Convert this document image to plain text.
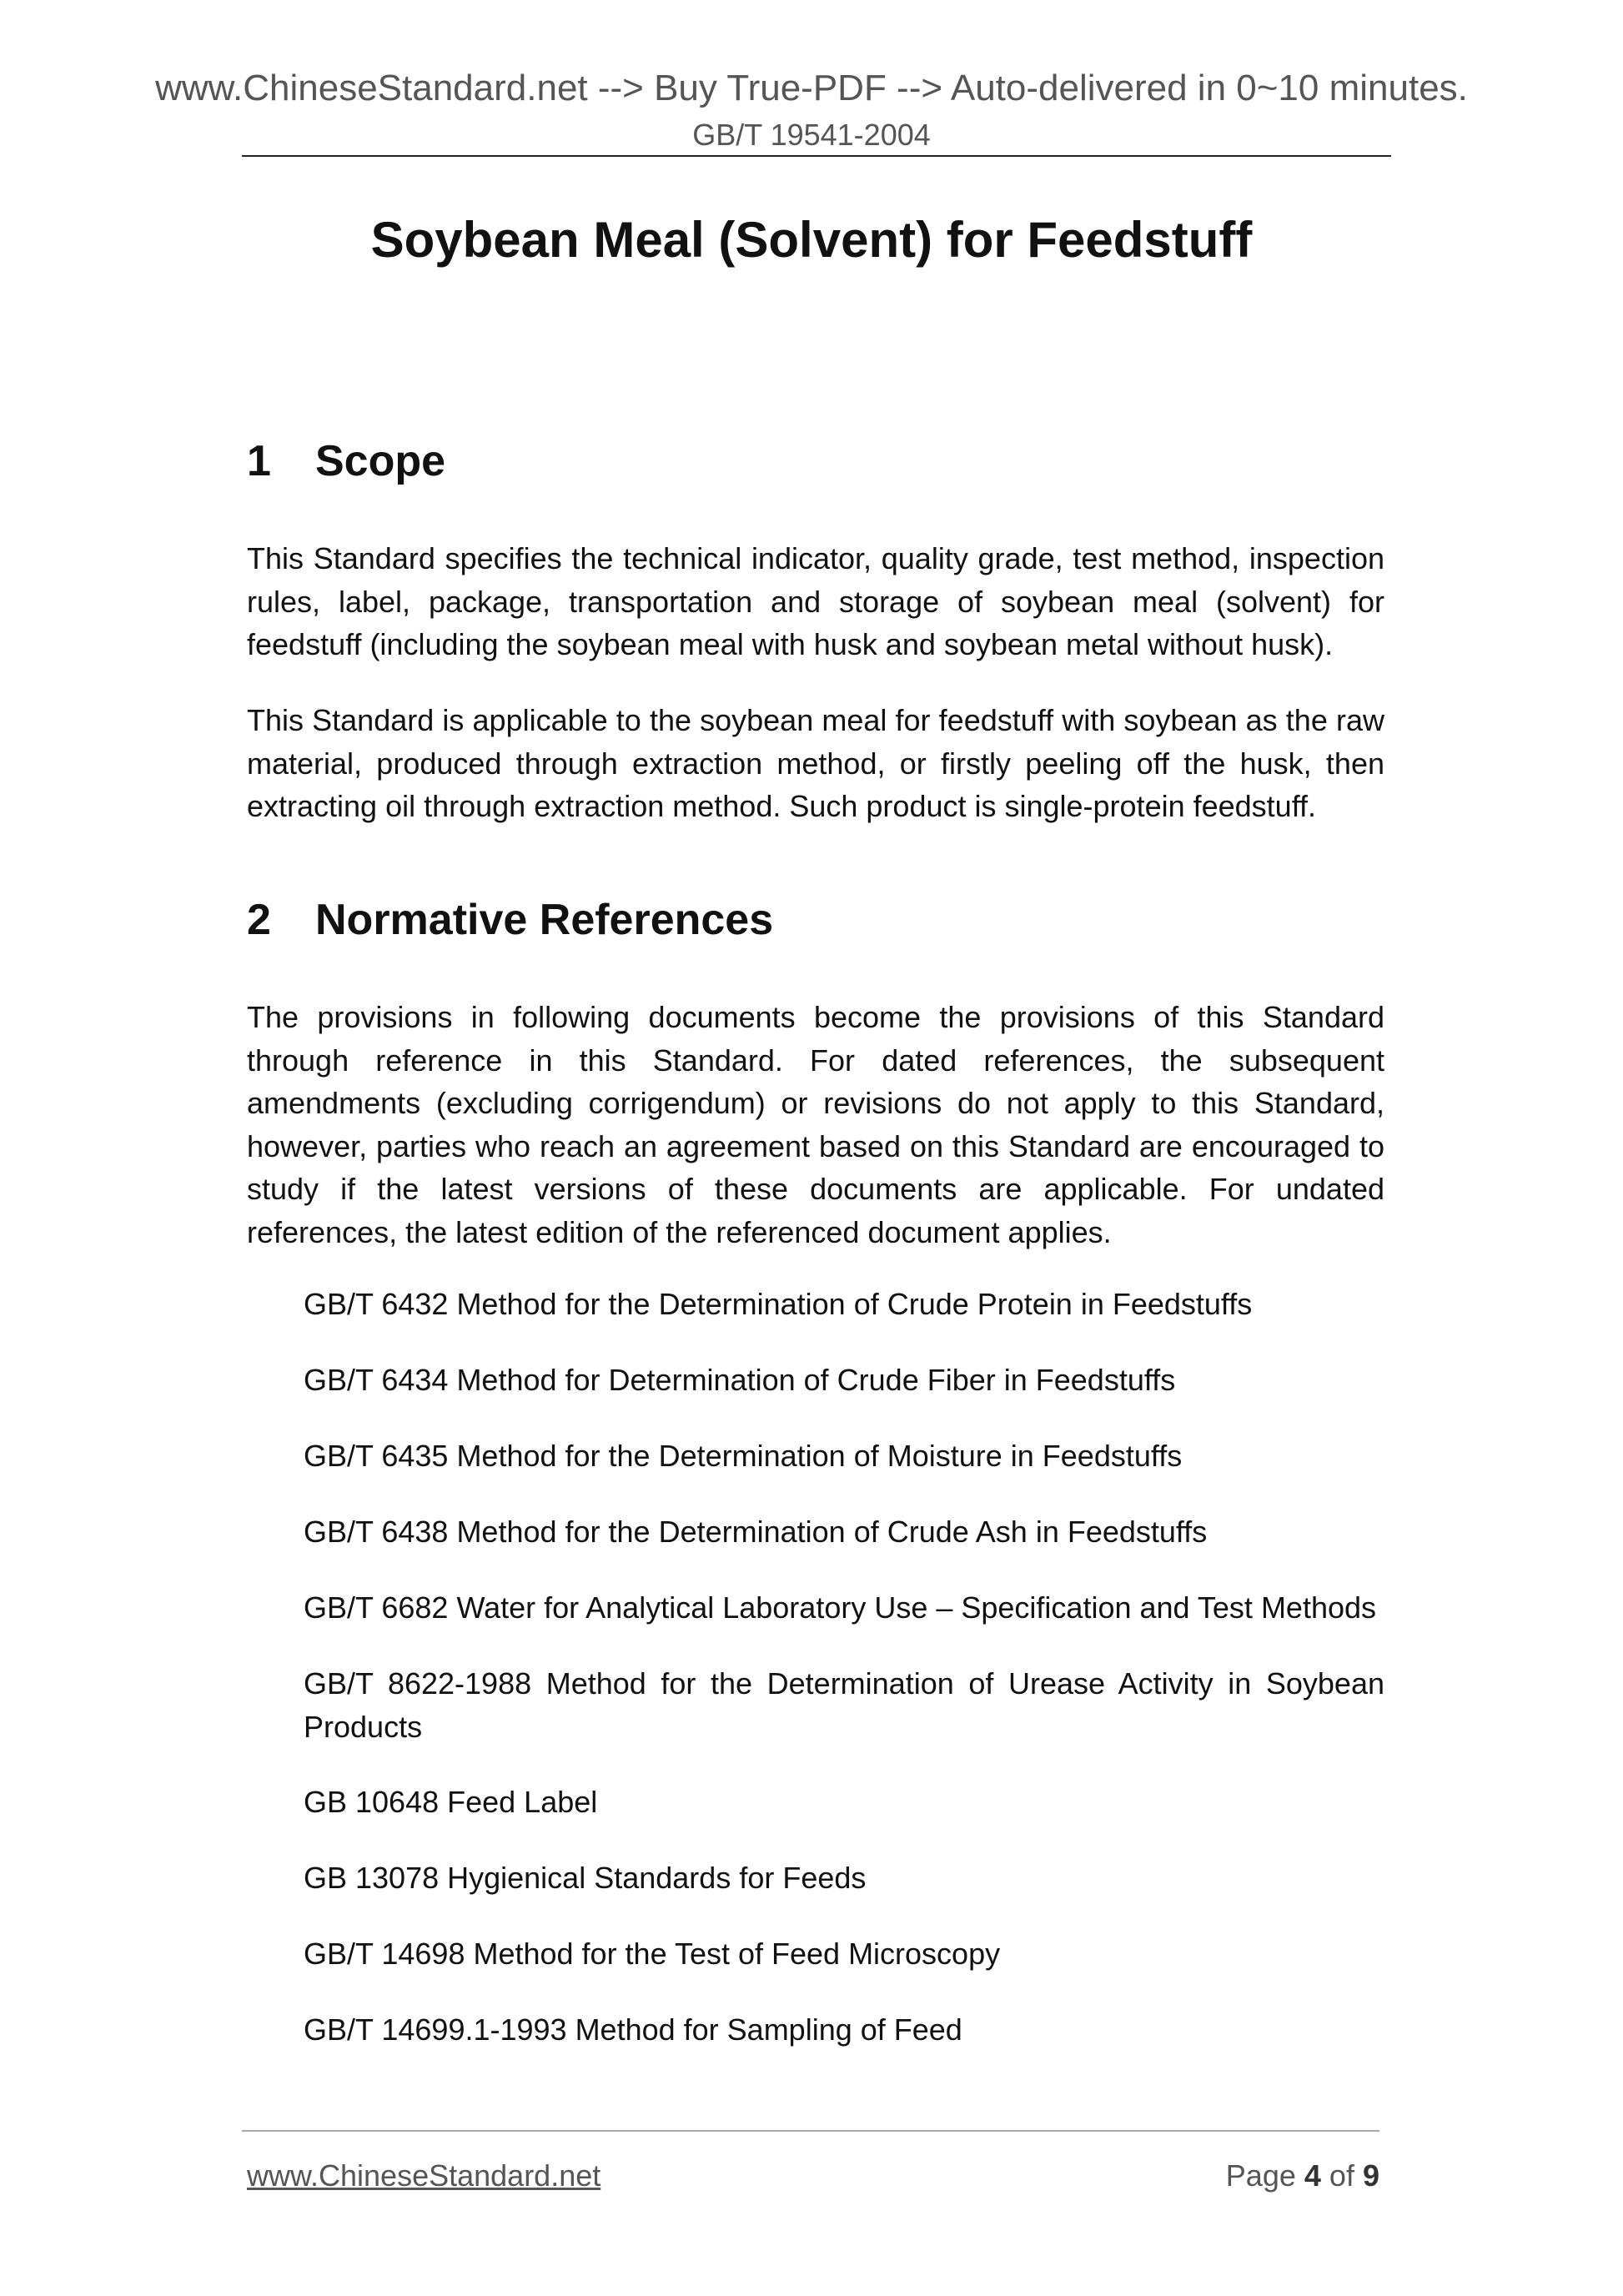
www.ChineseStandard.net --> Buy True-PDF --> Auto-delivered in 0~10 minutes.
GB/T 19541-2004
Soybean Meal (Solvent) for Feedstuff
1	Scope

This Standard specifies the technical indicator, quality grade, test method, inspection rules, label, package, transportation and storage of soybean meal (solvent) for feedstuff (including the soybean meal with husk and soybean metal without husk).

This Standard is applicable to the soybean meal for feedstuff with soybean as the raw material, produced through extraction method, or firstly peeling off the husk, then extracting oil through extraction method. Such product is single-protein feedstuff.

2	Normative References

The provisions in following documents become the provisions of this Standard through reference in this Standard. For dated references, the subsequent amendments (excluding corrigendum) or revisions do not apply to this Standard, however, parties who reach an agreement based on this Standard are encouraged to study if the latest versions of these documents are applicable. For undated references, the latest edition of the referenced document applies.

GB/T 6432 Method for the Determination of Crude Protein in Feedstuffs
GB/T 6434 Method for Determination of Crude Fiber in Feedstuffs
GB/T 6435 Method for the Determination of Moisture in Feedstuffs
GB/T 6438 Method for the Determination of Crude Ash in Feedstuffs
GB/T 6682 Water for Analytical Laboratory Use – Specification and Test Methods
GB/T 8622-1988 Method for the Determination of Urease Activity in Soybean Products
GB 10648 Feed Label
GB 13078 Hygienical Standards for Feeds
GB/T 14698 Method for the Test of Feed Microscopy
GB/T 14699.1-1993 Method for Sampling of Feed
www.ChineseStandard.net	Page 4 of 9
